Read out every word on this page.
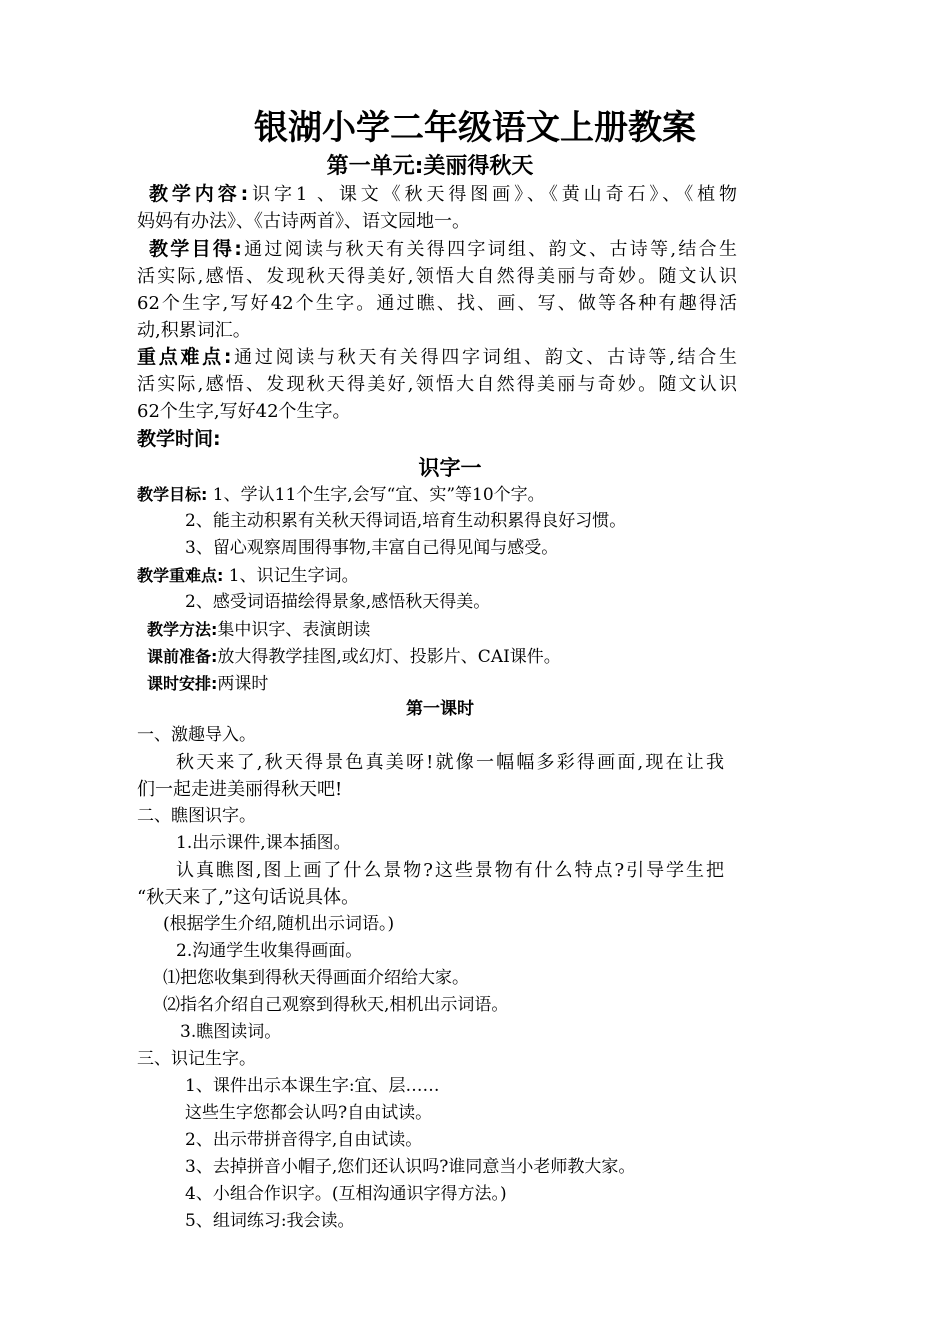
银湖小学二年级语文上册教案
第一单元:美丽得秋天
教学内容:识字1 、课文《秋天得图画》、《黄山奇石》、《植物
妈妈有办法》、《古诗两首》、语文园地一。
教学目得:通过阅读与秋天有关得四字词组、韵文、古诗等,结合生
活实际,感悟、发现秋天得美好,领悟大自然得美丽与奇妙。随文认识
62个生字,写好42个生字。通过瞧、找、画、写、做等各种有趣得活
动,积累词汇。
重点难点:通过阅读与秋天有关得四字词组、韵文、古诗等,结合生
活实际,感悟、发现秋天得美好,领悟大自然得美丽与奇妙。随文认识
62个生字,写好42个生字。
教学时间:
识字一
教学目标: 1、学认11个生字,会写“宜、实”等10个字。
2、能主动积累有关秋天得词语,培育生动积累得良好习惯。
3、留心观察周围得事物,丰富自己得见闻与感受。
教学重难点: 1、识记生字词。
2、感受词语描绘得景象,感悟秋天得美。
教学方法:集中识字、表演朗读
课前准备:放大得教学挂图,或幻灯、投影片、CAI课件。
课时安排:两课时
第一课时
一、激趣导入。
秋天来了,秋天得景色真美呀!就像一幅幅多彩得画面,现在让我
们一起走进美丽得秋天吧!
二、瞧图识字。
1.出示课件,课本插图。
认真瞧图,图上画了什么景物?这些景物有什么特点?引导学生把
“秋天来了,”这句话说具体。
(根据学生介绍,随机出示词语。)
2.沟通学生收集得画面。
⑴把您收集到得秋天得画面介绍给大家。
⑵指名介绍自己观察到得秋天,相机出示词语。
3.瞧图读词。
三、识记生字。
1、课件出示本课生字:宜、层……
这些生字您都会认吗?自由试读。
2、出示带拼音得字,自由试读。
3、去掉拼音小帽子,您们还认识吗?谁同意当小老师教大家。
4、小组合作识字。(互相沟通识字得方法。)
5、组词练习:我会读。
